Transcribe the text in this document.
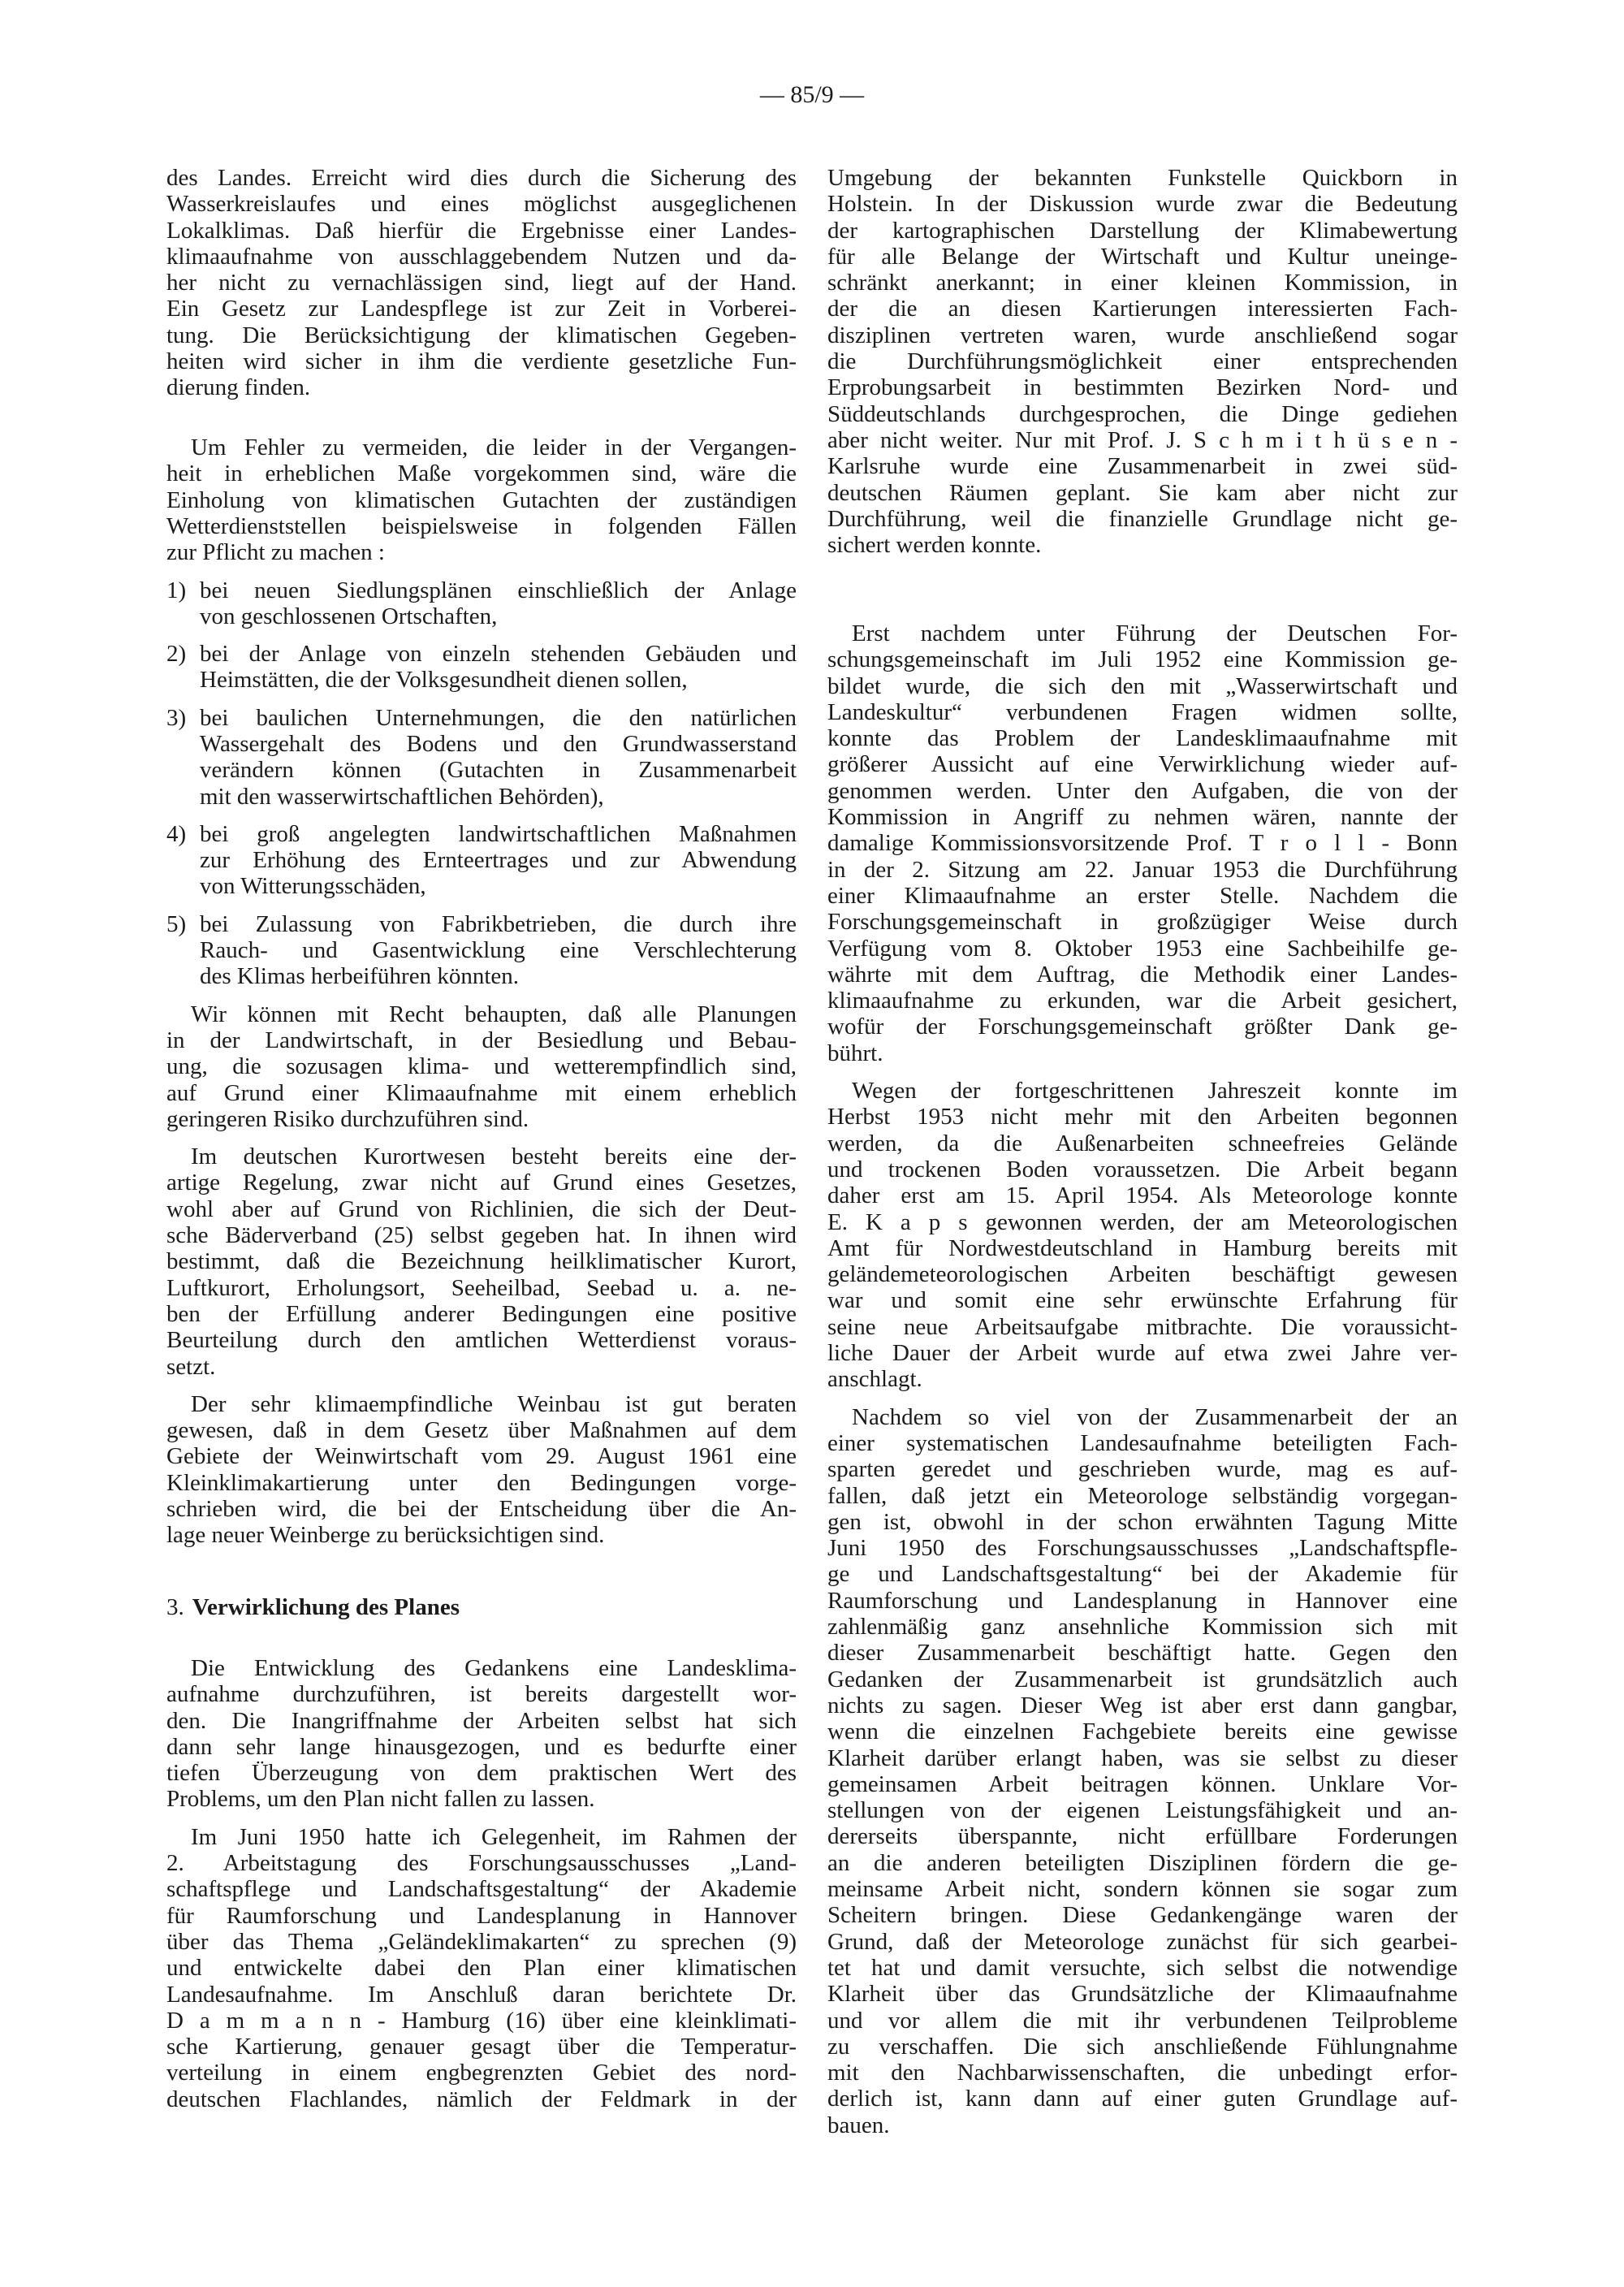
— 85/9 —
des Landes. Erreicht wird dies durch die Sicherung des
Wasserkreislaufes und eines möglichst ausgeglichenen
Lokalklimas. Daß hierfür die Ergebnisse einer Landes-
klimaaufnahme von ausschlaggebendem Nutzen und da-
her nicht zu vernachlässigen sind, liegt auf der Hand.
Ein Gesetz zur Landespflege ist zur Zeit in Vorberei-
tung. Die Berücksichtigung der klimatischen Gegeben-
heiten wird sicher in ihm die verdiente gesetzliche Fun-
dierung finden.
Um Fehler zu vermeiden, die leider in der Vergangen-
heit in erheblichen Maße vorgekommen sind, wäre die
Einholung von klimatischen Gutachten der zuständigen
Wetterdienststellen beispielsweise in folgenden Fällen
zur Pflicht zu machen :
1) bei neuen Siedlungsplänen einschließlich der Anlage
von geschlossenen Ortschaften,
2) bei der Anlage von einzeln stehenden Gebäuden und
Heimstätten, die der Volksgesundheit dienen sollen,
3) bei baulichen Unternehmungen, die den natürlichen
Wassergehalt des Bodens und den Grundwasserstand
verändern können (Gutachten in Zusammenarbeit
mit den wasserwirtschaftlichen Behörden),
4) bei groß angelegten landwirtschaftlichen Maßnahmen
zur Erhöhung des Ernteertrages und zur Abwendung
von Witterungsschäden,
5) bei Zulassung von Fabrikbetrieben, die durch ihre
Rauch- und Gasentwicklung eine Verschlechterung
des Klimas herbeiführen könnten.
Wir können mit Recht behaupten, daß alle Planungen
in der Landwirtschaft, in der Besiedlung und Bebau-
ung, die sozusagen klima- und wetterempfindlich sind,
auf Grund einer Klimaaufnahme mit einem erheblich
geringeren Risiko durchzuführen sind.
Im deutschen Kurortwesen besteht bereits eine der-
artige Regelung, zwar nicht auf Grund eines Gesetzes,
wohl aber auf Grund von Richlinien, die sich der Deut-
sche Bäderverband (25) selbst gegeben hat. In ihnen wird
bestimmt, daß die Bezeichnung heilklimatischer Kurort,
Luftkurort, Erholungsort, Seeheilbad, Seebad u. a. ne-
ben der Erfüllung anderer Bedingungen eine positive
Beurteilung durch den amtlichen Wetterdienst voraus-
setzt.
Der sehr klimaempfindliche Weinbau ist gut beraten
gewesen, daß in dem Gesetz über Maßnahmen auf dem
Gebiete der Weinwirtschaft vom 29. August 1961 eine
Kleinklimakartierung unter den Bedingungen vorge-
schrieben wird, die bei der Entscheidung über die An-
lage neuer Weinberge zu berücksichtigen sind.
3. Verwirklichung des Planes
Die Entwicklung des Gedankens eine Landesklima-
aufnahme durchzuführen, ist bereits dargestellt wor-
den. Die Inangriffnahme der Arbeiten selbst hat sich
dann sehr lange hinausgezogen, und es bedurfte einer
tiefen Überzeugung von dem praktischen Wert des
Problems, um den Plan nicht fallen zu lassen.
Im Juni 1950 hatte ich Gelegenheit, im Rahmen der
2. Arbeitstagung des Forschungsausschusses „Land-
schaftspflege und Landschaftsgestaltung“ der Akademie
für Raumforschung und Landesplanung in Hannover
über das Thema „Geländeklimakarten“ zu sprechen (9)
und entwickelte dabei den Plan einer klimatischen
Landesaufnahme. Im Anschluß daran berichtete Dr.
D a m m a n n - Hamburg (16) über eine kleinklimati-
sche Kartierung, genauer gesagt über die Temperatur-
verteilung in einem engbegrenzten Gebiet des nord-
deutschen Flachlandes, nämlich der Feldmark in der
Umgebung der bekannten Funkstelle Quickborn in
Holstein. In der Diskussion wurde zwar die Bedeutung
der kartographischen Darstellung der Klimabewertung
für alle Belange der Wirtschaft und Kultur uneinge-
schränkt anerkannt; in einer kleinen Kommission, in
der die an diesen Kartierungen interessierten Fach-
disziplinen vertreten waren, wurde anschließend sogar
die Durchführungsmöglichkeit einer entsprechenden
Erprobungsarbeit in bestimmten Bezirken Nord- und
Süddeutschlands durchgesprochen, die Dinge gediehen
aber nicht weiter. Nur mit Prof. J. S c h m i t h ü s e n -
Karlsruhe wurde eine Zusammenarbeit in zwei süd-
deutschen Räumen geplant. Sie kam aber nicht zur
Durchführung, weil die finanzielle Grundlage nicht ge-
sichert werden konnte.
Erst nachdem unter Führung der Deutschen For-
schungsgemeinschaft im Juli 1952 eine Kommission ge-
bildet wurde, die sich den mit „Wasserwirtschaft und
Landeskultur“ verbundenen Fragen widmen sollte,
konnte das Problem der Landesklimaaufnahme mit
größerer Aussicht auf eine Verwirklichung wieder auf-
genommen werden. Unter den Aufgaben, die von der
Kommission in Angriff zu nehmen wären, nannte der
damalige Kommissionsvorsitzende Prof. T r o l l - Bonn
in der 2. Sitzung am 22. Januar 1953 die Durchführung
einer Klimaaufnahme an erster Stelle. Nachdem die
Forschungsgemeinschaft in großzügiger Weise durch
Verfügung vom 8. Oktober 1953 eine Sachbeihilfe ge-
währte mit dem Auftrag, die Methodik einer Landes-
klimaaufnahme zu erkunden, war die Arbeit gesichert,
wofür der Forschungsgemeinschaft größter Dank ge-
bührt.
Wegen der fortgeschrittenen Jahreszeit konnte im
Herbst 1953 nicht mehr mit den Arbeiten begonnen
werden, da die Außenarbeiten schneefreies Gelände
und trockenen Boden voraussetzen. Die Arbeit begann
daher erst am 15. April 1954. Als Meteorologe konnte
E. K a p s gewonnen werden, der am Meteorologischen
Amt für Nordwestdeutschland in Hamburg bereits mit
geländemeteorologischen Arbeiten beschäftigt gewesen
war und somit eine sehr erwünschte Erfahrung für
seine neue Arbeitsaufgabe mitbrachte. Die voraussicht-
liche Dauer der Arbeit wurde auf etwa zwei Jahre ver-
anschlagt.
Nachdem so viel von der Zusammenarbeit der an
einer systematischen Landesaufnahme beteiligten Fach-
sparten geredet und geschrieben wurde, mag es auf-
fallen, daß jetzt ein Meteorologe selbständig vorgegan-
gen ist, obwohl in der schon erwähnten Tagung Mitte
Juni 1950 des Forschungsausschusses „Landschaftspfle-
ge und Landschaftsgestaltung“ bei der Akademie für
Raumforschung und Landesplanung in Hannover eine
zahlenmäßig ganz ansehnliche Kommission sich mit
dieser Zusammenarbeit beschäftigt hatte. Gegen den
Gedanken der Zusammenarbeit ist grundsätzlich auch
nichts zu sagen. Dieser Weg ist aber erst dann gangbar,
wenn die einzelnen Fachgebiete bereits eine gewisse
Klarheit darüber erlangt haben, was sie selbst zu dieser
gemeinsamen Arbeit beitragen können. Unklare Vor-
stellungen von der eigenen Leistungsfähigkeit und an-
dererseits überspannte, nicht erfüllbare Forderungen
an die anderen beteiligten Disziplinen fördern die ge-
meinsame Arbeit nicht, sondern können sie sogar zum
Scheitern bringen. Diese Gedankengänge waren der
Grund, daß der Meteorologe zunächst für sich gearbei-
tet hat und damit versuchte, sich selbst die notwendige
Klarheit über das Grundsätzliche der Klimaaufnahme
und vor allem die mit ihr verbundenen Teilprobleme
zu verschaffen. Die sich anschließende Fühlungnahme
mit den Nachbarwissenschaften, die unbedingt erfor-
derlich ist, kann dann auf einer guten Grundlage auf-
bauen.
